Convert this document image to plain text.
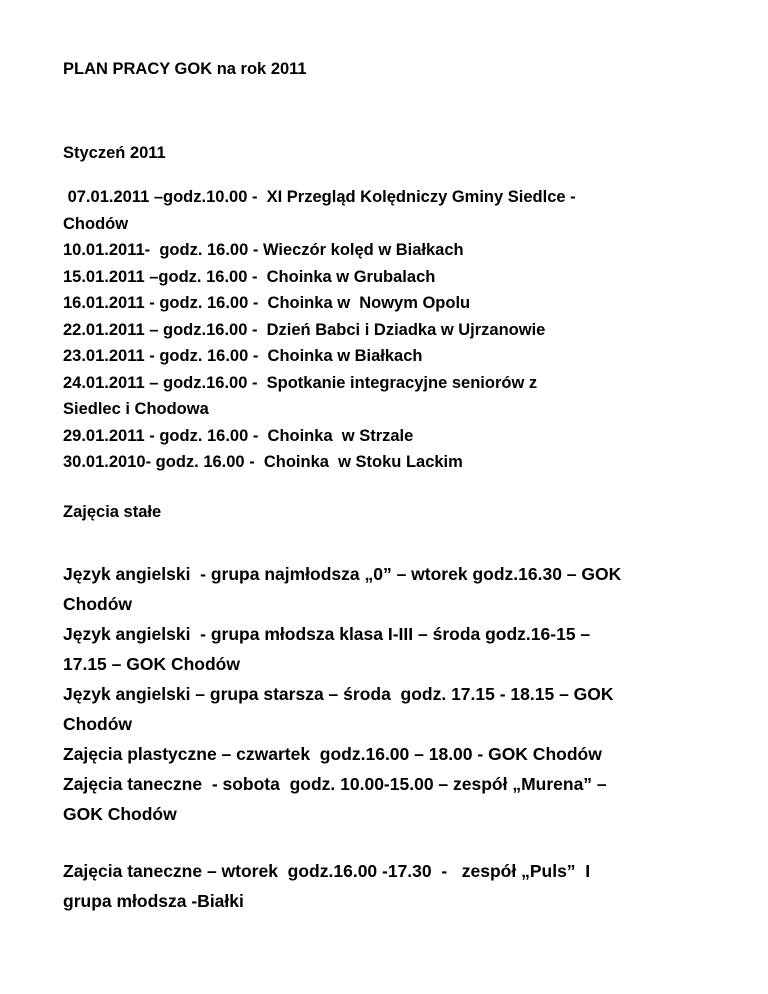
PLAN PRACY GOK na rok 2011
Styczeń 2011
07.01.2011 –godz.10.00 -  XI Przegląd Kolędniczy Gminy Siedlce -
Chodów
10.01.2011-  godz. 16.00 - Wieczór kolęd w Białkach
15.01.2011 –godz. 16.00 -  Choinka w Grubalach
16.01.2011 - godz. 16.00 -  Choinka w  Nowym Opolu
22.01.2011 – godz.16.00 -  Dzień Babci i Dziadka w Ujrzanowie
23.01.2011 - godz. 16.00 -  Choinka w Białkach
24.01.2011 – godz.16.00 -  Spotkanie integracyjne seniorów z
Siedlec i Chodowa
29.01.2011 - godz. 16.00 -  Choinka  w Strzale
30.01.2010- godz. 16.00 -  Choinka  w Stoku Lackim
Zajęcia stałe
Język angielski  - grupa najmłodsza „0” – wtorek godz.16.30 – GOK
Chodów
Język angielski  - grupa młodsza klasa I-III – środa godz.16-15 –
17.15 – GOK Chodów
Język angielski – grupa starsza – środa  godz. 17.15 - 18.15 – GOK
Chodów
Zajęcia plastyczne – czwartek  godz.16.00 – 18.00 - GOK Chodów
Zajęcia taneczne  - sobota  godz. 10.00-15.00 – zespół „Murena” –
GOK Chodów
Zajęcia taneczne – wtorek  godz.16.00 -17.30  -   zespół „Puls”  I
grupa młodsza -Białki
